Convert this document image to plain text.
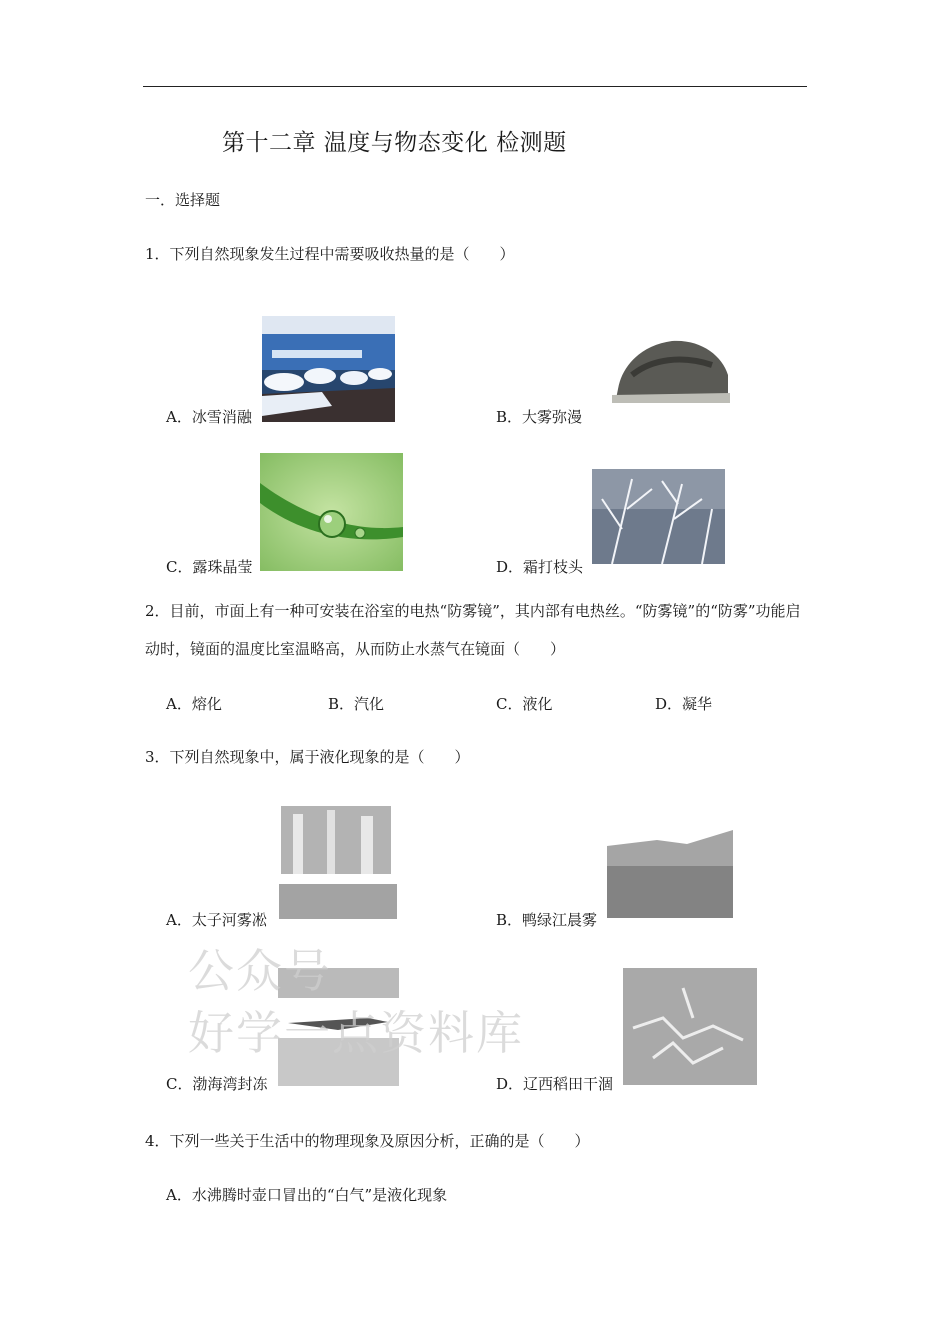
第十二章 温度与物态变化 检测题
一．选择题
1．下列自然现象发生过程中需要吸收热量的是（　　）
A．冰雪消融	B．大雾弥漫
C．露珠晶莹	D．霜打枝头
2．目前，市面上有一种可安装在浴室的电热“防雾镜”，其内部有电热丝。“防雾镜”的“防雾”功能启动时，镜面的温度比室温略高，从而防止水蒸气在镜面（　　）
A．熔化	B．汽化	C．液化	D．凝华
3．下列自然现象中，属于液化现象的是（　　）
A．太子河雾凇	B．鸭绿江晨雾
C．渤海湾封冻	D．辽西稻田干涸
公众号
好学一点资料库
4．下列一些关于生活中的物理现象及原因分析，正确的是（　　）
A．水沸腾时壶口冒出的“白气”是液化现象
